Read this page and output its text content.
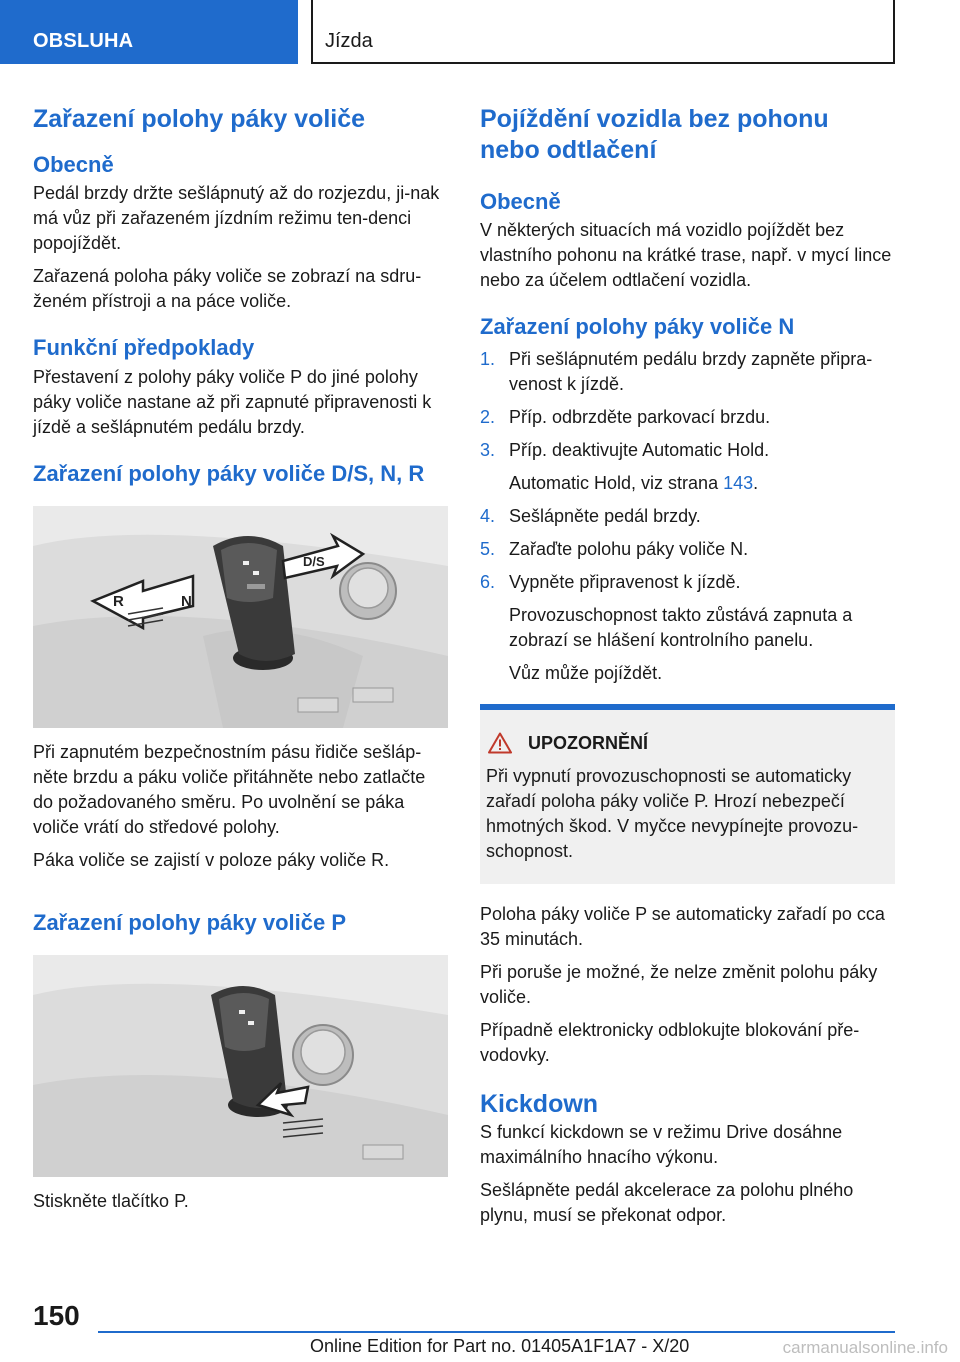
OBSLUHA	Jízda
Zařazení polohy páky voliče
Obecně

Pedál brzdy držte sešlápnutý až do rozjezdu, ji-nak má vůz při zařazeném jízdním režimu ten-denci popojíždět.

Zařazená poloha páky voliče se zobrazí na sdru-ženém přístroji a na páce voliče.

Funkční předpoklady

Přestavení z polohy páky voliče P do jiné polohy páky voliče nastane až při zapnuté připravenosti k jízdě a sešlápnutém pedálu brzdy.

Zařazení polohy páky voliče D/S, N, R
R	N
D/S

Při zapnutém bezpečnostním pásu řidiče sešláp-něte brzdu a páku voliče přitáhněte nebo zatlačte do požadovaného směru. Po uvolnění se páka voliče vrátí do středové polohy.

Páka voliče se zajistí v poloze páky voliče R.

Zařazení polohy páky voliče P

Stiskněte tlačítko P.

Pojíždění vozidla bez pohonu nebo odtlačení
Obecně

V některých situacích má vozidlo pojíždět bez vlastního pohonu na krátké trase, např. v mycí lince nebo za účelem odtlačení vozidla.

Zařazení polohy páky voliče N
1. Při sešlápnutém pedálu brzdy zapněte připra-venost k jízdě.
2. Příp. odbrzděte parkovací brzdu.
3. Příp. deaktivujte Automatic Hold.
Automatic Hold, viz strana 143.
4. Sešlápněte pedál brzdy.
5. Zařaďte polohu páky voliče N.
6. Vypněte připravenost k jízdě.
Provozuschopnost takto zůstává zapnuta a zobrazí se hlášení kontrolního panelu.
Vůz může pojíždět.
UPOZORNĚNÍ

Při vypnutí provozuschopnosti se automaticky zařadí poloha páky voliče P. Hrozí nebezpečí hmotných škod. V myčce nevypínejte provozu-schopnost.

Poloha páky voliče P se automaticky zařadí po cca 35 minutách.

Při poruše je možné, že nelze změnit polohu páky voliče.

Případně elektronicky odblokujte blokování pře-vodovky.

Kickdown

S funkcí kickdown se v režimu Drive dosáhne maximálního hnacího výkonu.

Sešlápněte pedál akcelerace za polohu plného plynu, musí se překonat odpor.

150
Online Edition for Part no. 01405A1F1A7 - X/20	carmanualsonline.info
